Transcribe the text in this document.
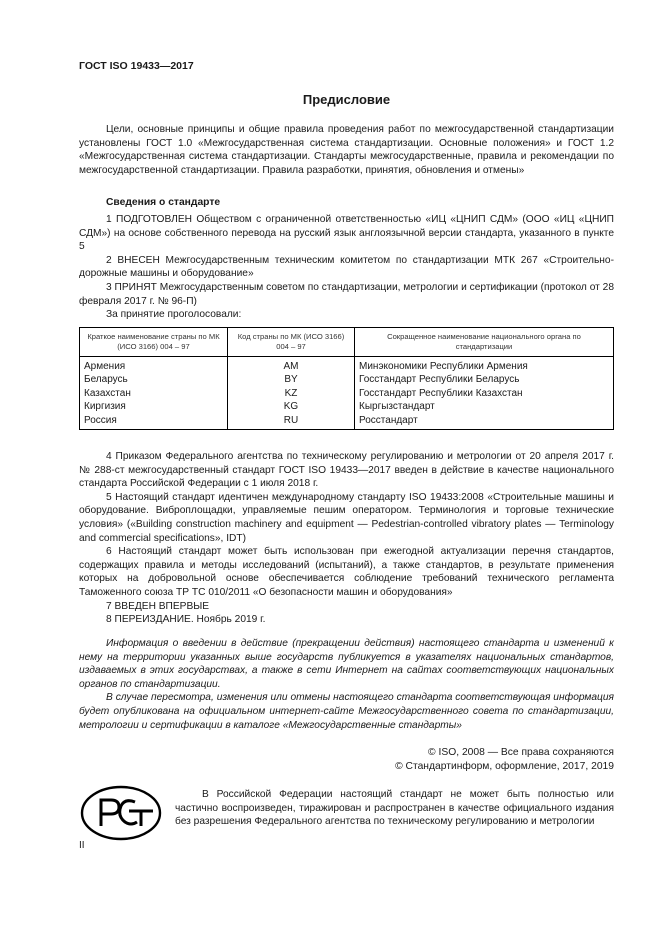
ГОСТ ISO 19433—2017
Предисловие

Цели, основные принципы и общие правила проведения работ по межгосударственной стандартизации установлены ГОСТ 1.0 «Межгосударственная система стандартизации. Основные положения» и ГОСТ 1.2 «Межгосударственная система стандартизации. Стандарты межгосударственные, правила и рекомендации по межгосударственной стандартизации. Правила разработки, принятия, обновления и отмены»

Сведения о стандарте

1 ПОДГОТОВЛЕН Обществом с ограниченной ответственностью «ИЦ «ЦНИП СДМ» (ООО «ИЦ «ЦНИП СДМ») на основе собственного перевода на русский язык англоязычной версии стандарта, указанного в пункте 5

2 ВНЕСЕН Межгосударственным техническим комитетом по стандартизации МТК 267 «Строительно-дорожные машины и оборудование»

3 ПРИНЯТ Межгосударственным советом по стандартизации, метрологии и сертификации (протокол от 28 февраля 2017 г. № 96-П)

За принятие проголосовали:

Краткое наименование страны по МК (ИСО 3166) 004 – 97	Код страны по МК (ИСО 3166) 004 – 97	Сокращенное наименование национального органа по стандартизации
Армения	AM	Минэкономики Республики Армения
Беларусь	BY	Госстандарт Республики Беларусь
Казахстан	KZ	Госстандарт Республики Казахстан
Киргизия	KG	Кыргызстандарт
Россия	RU	Росстандарт

4 Приказом Федерального агентства по техническому регулированию и метрологии от 20 апреля 2017 г. № 288-ст межгосударственный стандарт ГОСТ ISO 19433—2017 введен в действие в качестве национального стандарта Российской Федерации с 1 июля 2018 г.

5 Настоящий стандарт идентичен международному стандарту ISO 19433:2008 «Строительные машины и оборудование. Виброплощадки, управляемые пешим оператором. Терминология и торговые технические условия» («Building construction machinery and equipment — Pedestrian-controlled vibratory plates — Terminology and commercial specifications», IDT)

6 Настоящий стандарт может быть использован при ежегодной актуализации перечня стандартов, содержащих правила и методы исследований (испытаний), а также стандартов, в результате применения которых на добровольной основе обеспечивается соблюдение требований технического регламента Таможенного союза ТР ТС 010/2011 «О безопасности машин и оборудования»

7 ВВЕДЕН ВПЕРВЫЕ

8 ПЕРЕИЗДАНИЕ. Ноябрь 2019 г.

Информация о введении в действие (прекращении действия) настоящего стандарта и изменений к нему на территории указанных выше государств публикуется в указателях национальных стандартов, издаваемых в этих государствах, а также в сети Интернет на сайтах соответствующих национальных органов по стандартизации.

В случае пересмотра, изменения или отмены настоящего стандарта соответствующая информация будет опубликована на официальном интернет-сайте Межгосударственного совета по стандартизации, метрологии и сертификации в каталоге «Межгосударственные стандарты»

© ISO, 2008 — Все права сохраняются
© Стандартинформ, оформление, 2017, 2019

В Российской Федерации настоящий стандарт не может быть полностью или частично воспроизведен, тиражирован и распространен в качестве официального издания без разрешения Федерального агентства по техническому регулированию и метрологии

II
